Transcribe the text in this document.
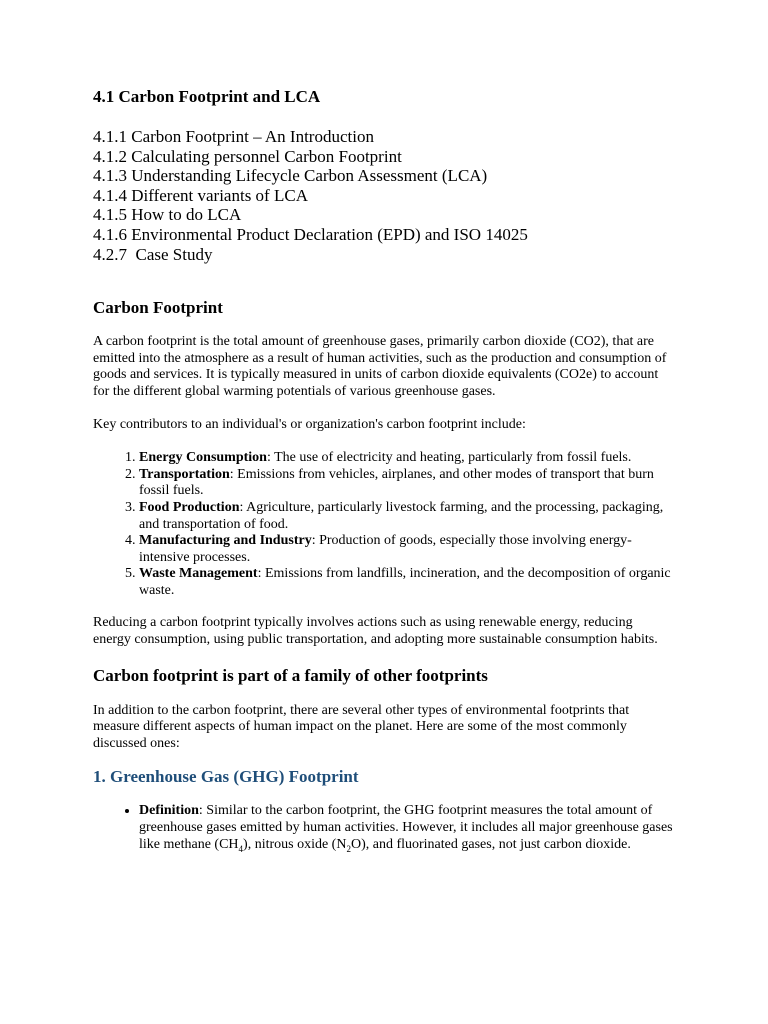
4.1 Carbon Footprint and LCA
4.1.1 Carbon Footprint – An Introduction
4.1.2 Calculating personnel Carbon Footprint
4.1.3 Understanding Lifecycle Carbon Assessment (LCA)
4.1.4 Different variants of LCA
4.1.5 How to do LCA
4.1.6 Environmental Product Declaration (EPD) and ISO 14025
4.2.7  Case Study
Carbon Footprint

A carbon footprint is the total amount of greenhouse gases, primarily carbon dioxide (CO2), that are emitted into the atmosphere as a result of human activities, such as the production and consumption of goods and services. It is typically measured in units of carbon dioxide equivalents (CO2e) to account for the different global warming potentials of various greenhouse gases.

Key contributors to an individual's or organization's carbon footprint include:

1. Energy Consumption: The use of electricity and heating, particularly from fossil fuels.
2. Transportation: Emissions from vehicles, airplanes, and other modes of transport that burn fossil fuels.
3. Food Production: Agriculture, particularly livestock farming, and the processing, packaging, and transportation of food.
4. Manufacturing and Industry: Production of goods, especially those involving energy-intensive processes.
5. Waste Management: Emissions from landfills, incineration, and the decomposition of organic waste.

Reducing a carbon footprint typically involves actions such as using renewable energy, reducing energy consumption, using public transportation, and adopting more sustainable consumption habits.

Carbon footprint is part of a family of other footprints

In addition to the carbon footprint, there are several other types of environmental footprints that measure different aspects of human impact on the planet. Here are some of the most commonly discussed ones:

1. Greenhouse Gas (GHG) Footprint
• Definition: Similar to the carbon footprint, the GHG footprint measures the total amount of greenhouse gases emitted by human activities. However, it includes all major greenhouse gases like methane $(CH_4)$, nitrous oxide $(N_2O)$, and fluorinated gases, not just carbon dioxide.
